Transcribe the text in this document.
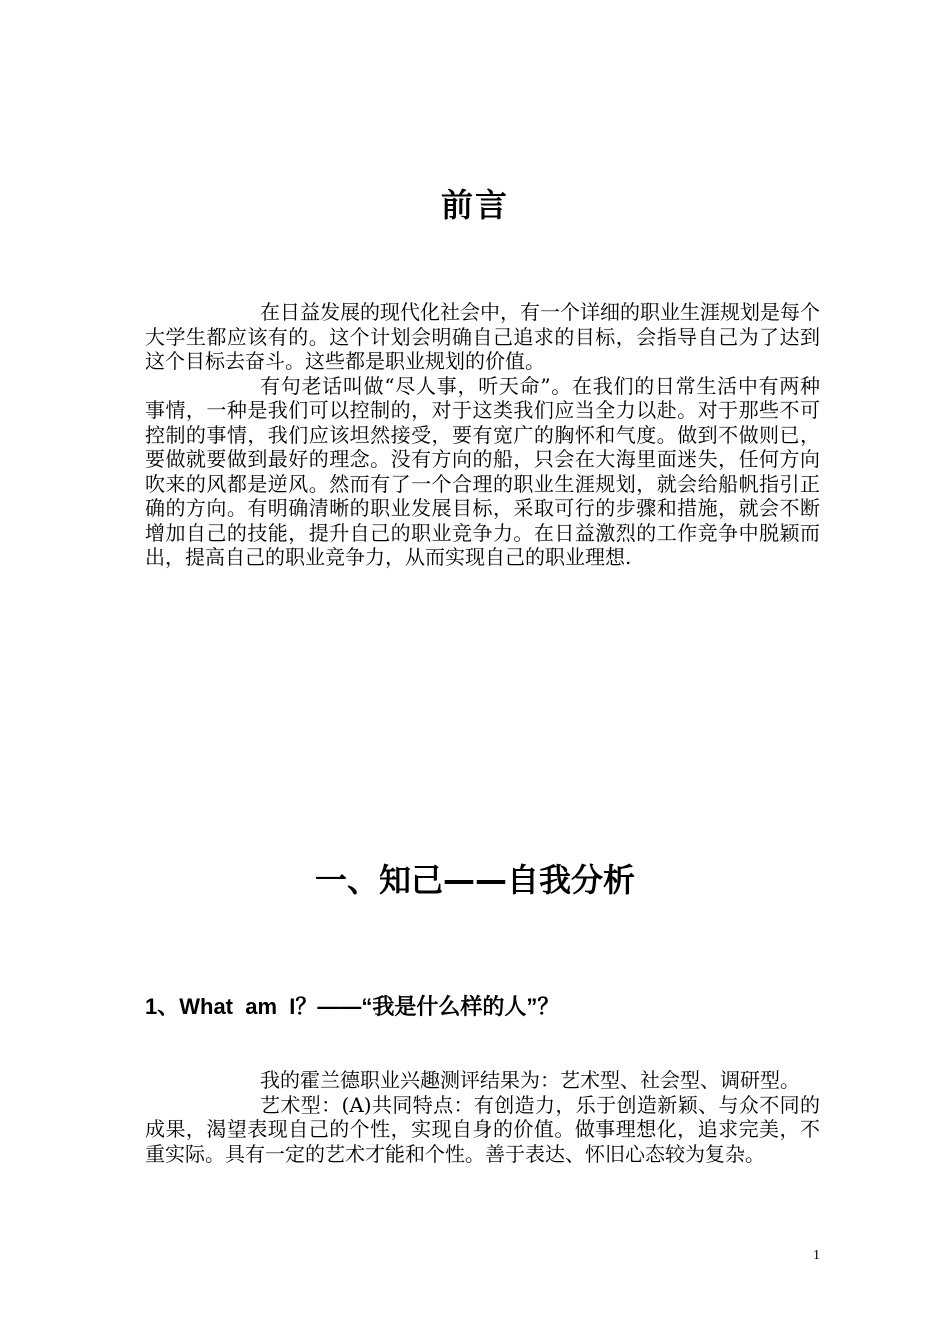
前言

在日益发展的现代化社会中，有一个详细的职业生涯规划是每个大学生都应该有的。这个计划会明确自己追求的目标，会指导自己为了达到这个目标去奋斗。这些都是职业规划的价值。

有句老话叫做“尽人事，听天命”。在我们的日常生活中有两种事情，一种是我们可以控制的，对于这类我们应当全力以赴。对于那些不可控制的事情，我们应该坦然接受，要有宽广的胸怀和气度。做到不做则已，要做就要做到最好的理念。没有方向的船，只会在大海里面迷失，任何方向吹来的风都是逆风。然而有了一个合理的职业生涯规划，就会给船帆指引正确的方向。有明确清晰的职业发展目标，采取可行的步骤和措施，就会不断增加自己的技能，提升自己的职业竞争力。在日益激烈的工作竞争中脱颖而出，提高自己的职业竞争力，从而实现自己的职业理想.

一、知己——自我分析
1、What  am  I？——“我是什么样的人”？

我的霍兰德职业兴趣测评结果为：艺术型、社会型、调研型。

艺术型：(A)共同特点：有创造力，乐于创造新颖、与众不同的成果，渴望表现自己的个性，实现自身的价值。做事理想化，追求完美，不重实际。具有一定的艺术才能和个性。善于表达、怀旧心态较为复杂。

1
